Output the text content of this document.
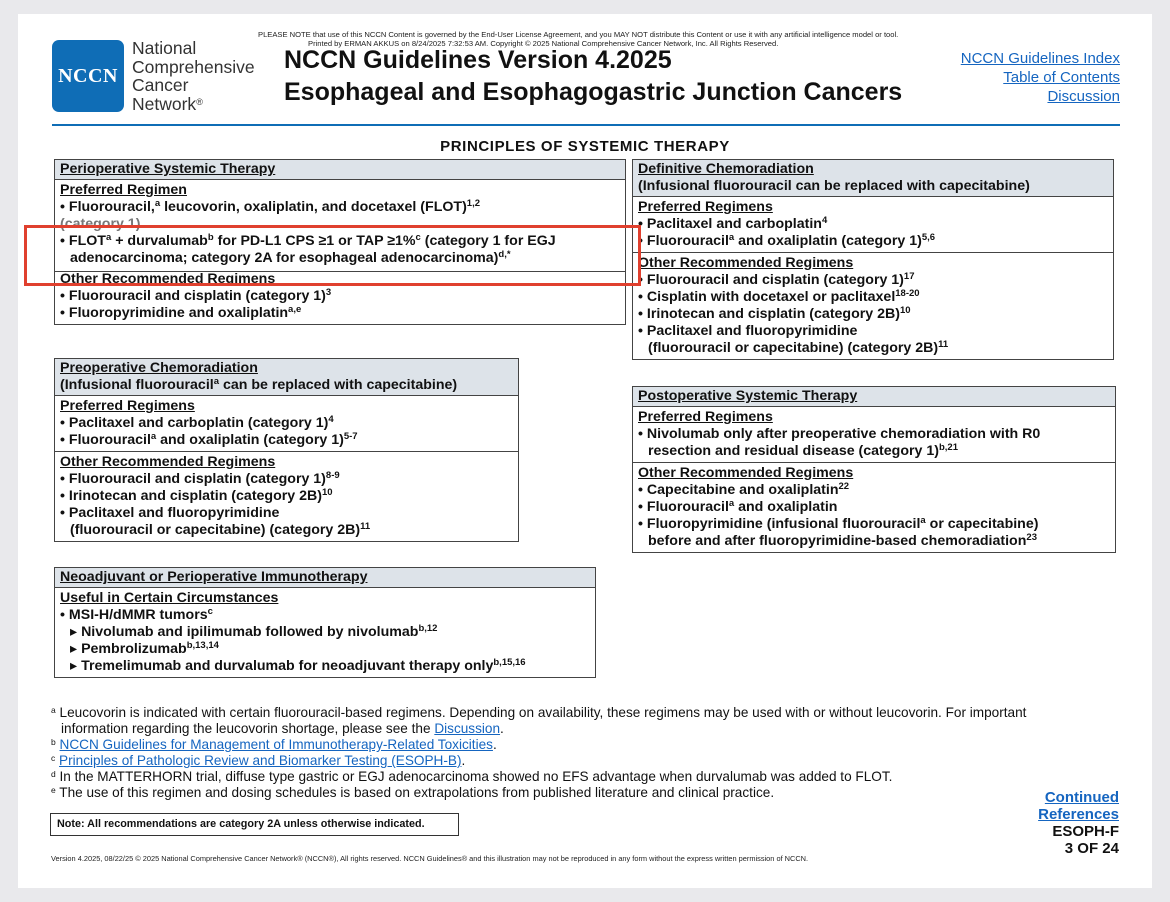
PLEASE NOTE that use of this NCCN Content is governed by the End-User License Agreement, and you MAY NOT distribute this Content or use it with any artificial intelligence model or tool.
Printed by ERMAN AKKUS on 8/24/2025 7:32:53 AM. Copyright © 2025 National Comprehensive Cancer Network, Inc. All Rights Reserved.
NCCN
National
Comprehensive
Cancer
Network®
NCCN Guidelines Version 4.2025
Esophageal and Esophagogastric Junction Cancers
NCCN Guidelines Index
Table of Contents
Discussion
PRINCIPLES OF SYSTEMIC THERAPY
Perioperative Systemic Therapy
Preferred Regimen
• Fluorouracil,$^a$ leucovorin, oxaliplatin, and docetaxel (FLOT)$^{1,2}$
(category 1)
• $FLOT^a$ + durvalumab$^b$ for PD-L1 CPS ≥1 or TAP ≥1%$^c$ (category 1 for EGJ
adenocarcinoma; category 2A for esophageal adenocarcinoma)$^{d,*}$
Other Recommended Regimens
• Fluorouracil and cisplatin (category 1)$^3$
• Fluoropyrimidine and oxaliplatin$^{a,e}$
Preoperative Chemoradiation
(Infusional fluorouracil$^a$ can be replaced with capecitabine)
Preferred Regimens
• Paclitaxel and carboplatin (category 1)$^4$
• Fluorouracil$^a$ and oxaliplatin (category 1)$^{5-7}$
Other Recommended Regimens
• Fluorouracil and cisplatin (category 1)$^{8-9}$
• Irinotecan and cisplatin (category 2B)$^{10}$
• Paclitaxel and fluoropyrimidine
(fluorouracil or capecitabine) (category 2B)$^{11}$
Neoadjuvant or Perioperative Immunotherapy
Useful in Certain Circumstances
• MSI-H/dMMR tumors$^c$
▸ Nivolumab and ipilimumab followed by nivolumab$^{b,12}$
▸ Pembrolizumab$^{b,13,14}$
▸ Tremelimumab and durvalumab for neoadjuvant therapy only$^{b,15,16}$
Definitive Chemoradiation
(Infusional fluorouracil can be replaced with capecitabine)
Preferred Regimens
• Paclitaxel and carboplatin$^4$
• Fluorouracil$^a$ and oxaliplatin (category 1)$^{5,6}$
Other Recommended Regimens
• Fluorouracil and cisplatin (category 1)$^{17}$
• Cisplatin with docetaxel or paclitaxel$^{18-20}$
• Irinotecan and cisplatin (category 2B)$^{10}$
• Paclitaxel and fluoropyrimidine
(fluorouracil or capecitabine) (category 2B)$^{11}$
Postoperative Systemic Therapy
Preferred Regimens
• Nivolumab only after preoperative chemoradiation with R0
resection and residual disease (category 1)$^{b,21}$
Other Recommended Regimens
• Capecitabine and oxaliplatin$^{22}$
• Fluorouracil$^a$ and oxaliplatin
• Fluoropyrimidine (infusional fluorouracil$^a$ or capecitabine)
before and after fluoropyrimidine-based chemoradiation$^{23}$
$^a$ Leucovorin is indicated with certain fluorouracil-based regimens. Depending on availability, these regimens may be used with or without leucovorin. For important
information regarding the leucovorin shortage, please see the Discussion.
$^b$ NCCN Guidelines for Management of Immunotherapy-Related Toxicities.
$^c$ Principles of Pathologic Review and Biomarker Testing (ESOPH-B).
$^d$ In the MATTERHORN trial, diffuse type gastric or EGJ adenocarcinoma showed no EFS advantage when durvalumab was added to FLOT.
$^e$ The use of this regimen and dosing schedules is based on extrapolations from published literature and clinical practice.
Note: All recommendations are category 2A unless otherwise indicated.
Continued
References
ESOPH-F
3 OF 24
Version 4.2025, 08/22/25 © 2025 National Comprehensive Cancer Network® (NCCN®), All rights reserved. NCCN Guidelines® and this illustration may not be reproduced in any form without the express written permission of NCCN.
